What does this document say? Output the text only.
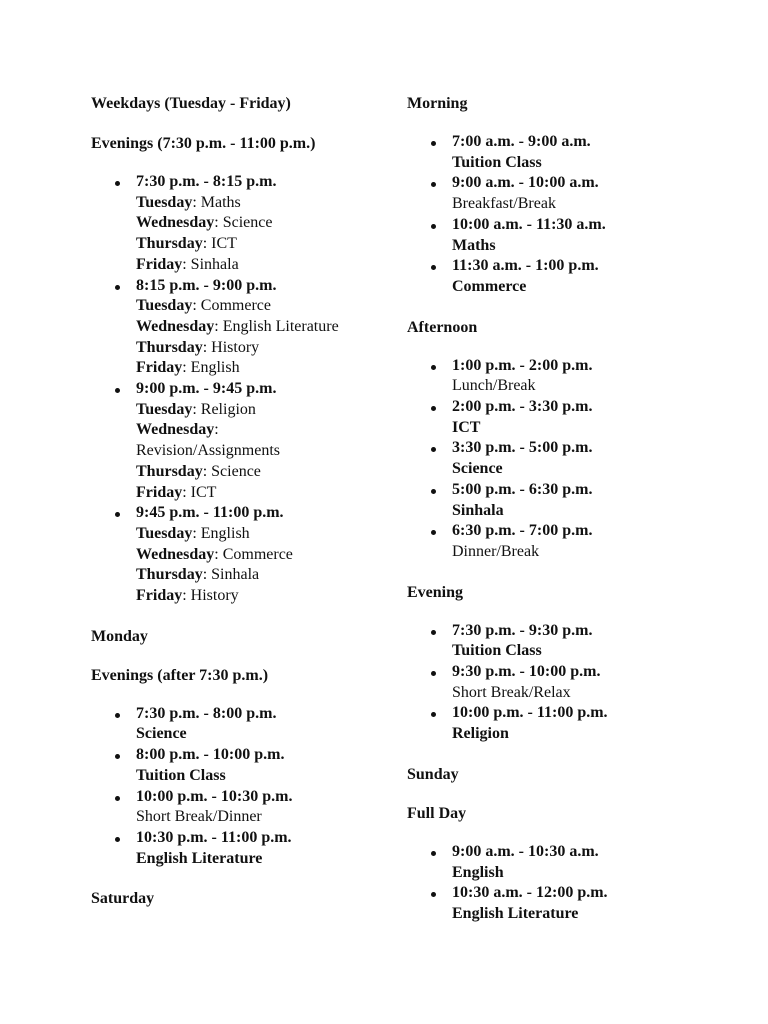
Weekdays (Tuesday - Friday)

Evenings (7:30 p.m. - 11:00 p.m.)

7:30 p.m. - 8:15 p.m.
Tuesday: Maths
Wednesday: Science
Thursday: ICT
Friday: Sinhala
8:15 p.m. - 9:00 p.m.
Tuesday: Commerce
Wednesday: English Literature
Thursday: History
Friday: English
9:00 p.m. - 9:45 p.m.
Tuesday: Religion
Wednesday:
Revision/Assignments
Thursday: Science
Friday: ICT
9:45 p.m. - 11:00 p.m.
Tuesday: English
Wednesday: Commerce
Thursday: Sinhala
Friday: History

Monday

Evenings (after 7:30 p.m.)

7:30 p.m. - 8:00 p.m.
Science
8:00 p.m. - 10:00 p.m.
Tuition Class
10:00 p.m. - 10:30 p.m.
Short Break/Dinner
10:30 p.m. - 11:00 p.m.
English Literature

Saturday

Morning

7:00 a.m. - 9:00 a.m.
Tuition Class
9:00 a.m. - 10:00 a.m.
Breakfast/Break
10:00 a.m. - 11:30 a.m.
Maths
11:30 a.m. - 1:00 p.m.
Commerce

Afternoon

1:00 p.m. - 2:00 p.m.
Lunch/Break
2:00 p.m. - 3:30 p.m.
ICT
3:30 p.m. - 5:00 p.m.
Science
5:00 p.m. - 6:30 p.m.
Sinhala
6:30 p.m. - 7:00 p.m.
Dinner/Break

Evening

7:30 p.m. - 9:30 p.m.
Tuition Class
9:30 p.m. - 10:00 p.m.
Short Break/Relax
10:00 p.m. - 11:00 p.m.
Religion

Sunday

Full Day

9:00 a.m. - 10:30 a.m.
English
10:30 a.m. - 12:00 p.m.
English Literature
